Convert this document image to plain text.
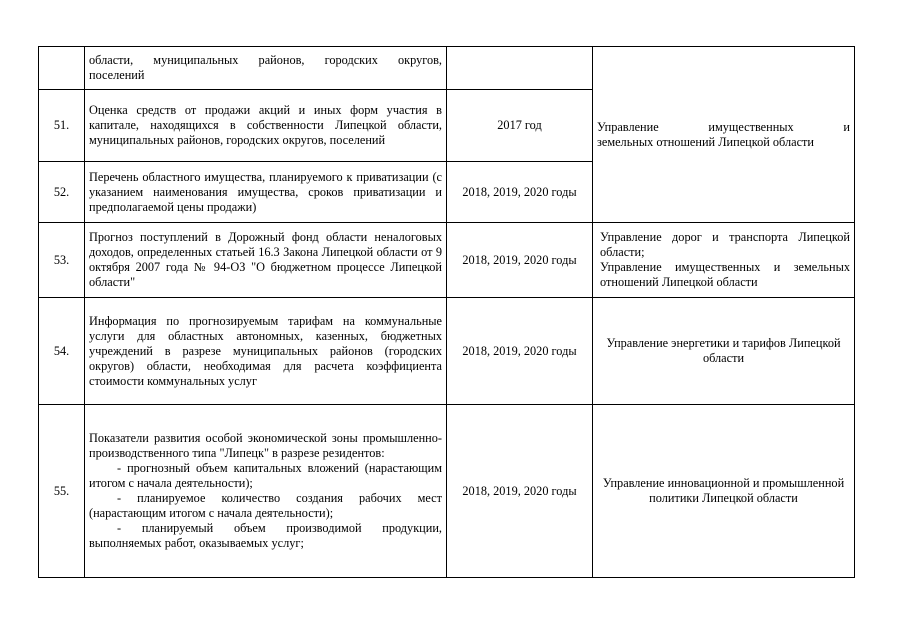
	области, муниципальных районов, городских округов,
поселений		Управление имущественных и
земельных отношений Липецкой области

51.	Оценка средств от продажи акций и иных форм участия в капитале, находящихся в собственности Липецкой области, муниципальных районов, городских округов, поселений	2017 год	
52.	Перечень областного имущества, планируемого к приватизации (с указанием наименования имущества, сроков приватизации и предполагаемой цены продажи)	2018, 2019, 2020 годы	
53.	Прогноз поступлений в Дорожный фонд области неналоговых доходов, определенных статьей 16.3 Закона Липецкой области от 9 октября 2007 года № 94-ОЗ "О бюджетном процессе Липецкой области"	2018, 2019, 2020 годы	Управление дорог и транспорта Липецкой области;
Управление имущественных и земельных отношений Липецкой области

54.	Информация по прогнозируемым тарифам на коммунальные услуги для областных автономных, казенных, бюджетных учреждений в разрезе муниципальных районов (городских округов) области, необходимая для расчета коэффициента стоимости коммунальных услуг	2018, 2019, 2020 годы	Управление энергетики и тарифов Липецкой области
55.	Показатели развития особой экономической зоны промышленно-производственного типа "Липецк" в разрезе резидентов:
- прогнозный объем капитальных вложений (нарастающим итогом с начала деятельности);
- планируемое количество создания рабочих мест (нарастающим итогом с начала деятельности);
- планируемый объем производимой продукции, выполняемых работ, оказываемых услуг;	2018, 2019, 2020 годы	Управление инновационной и промышленной политики Липецкой области
